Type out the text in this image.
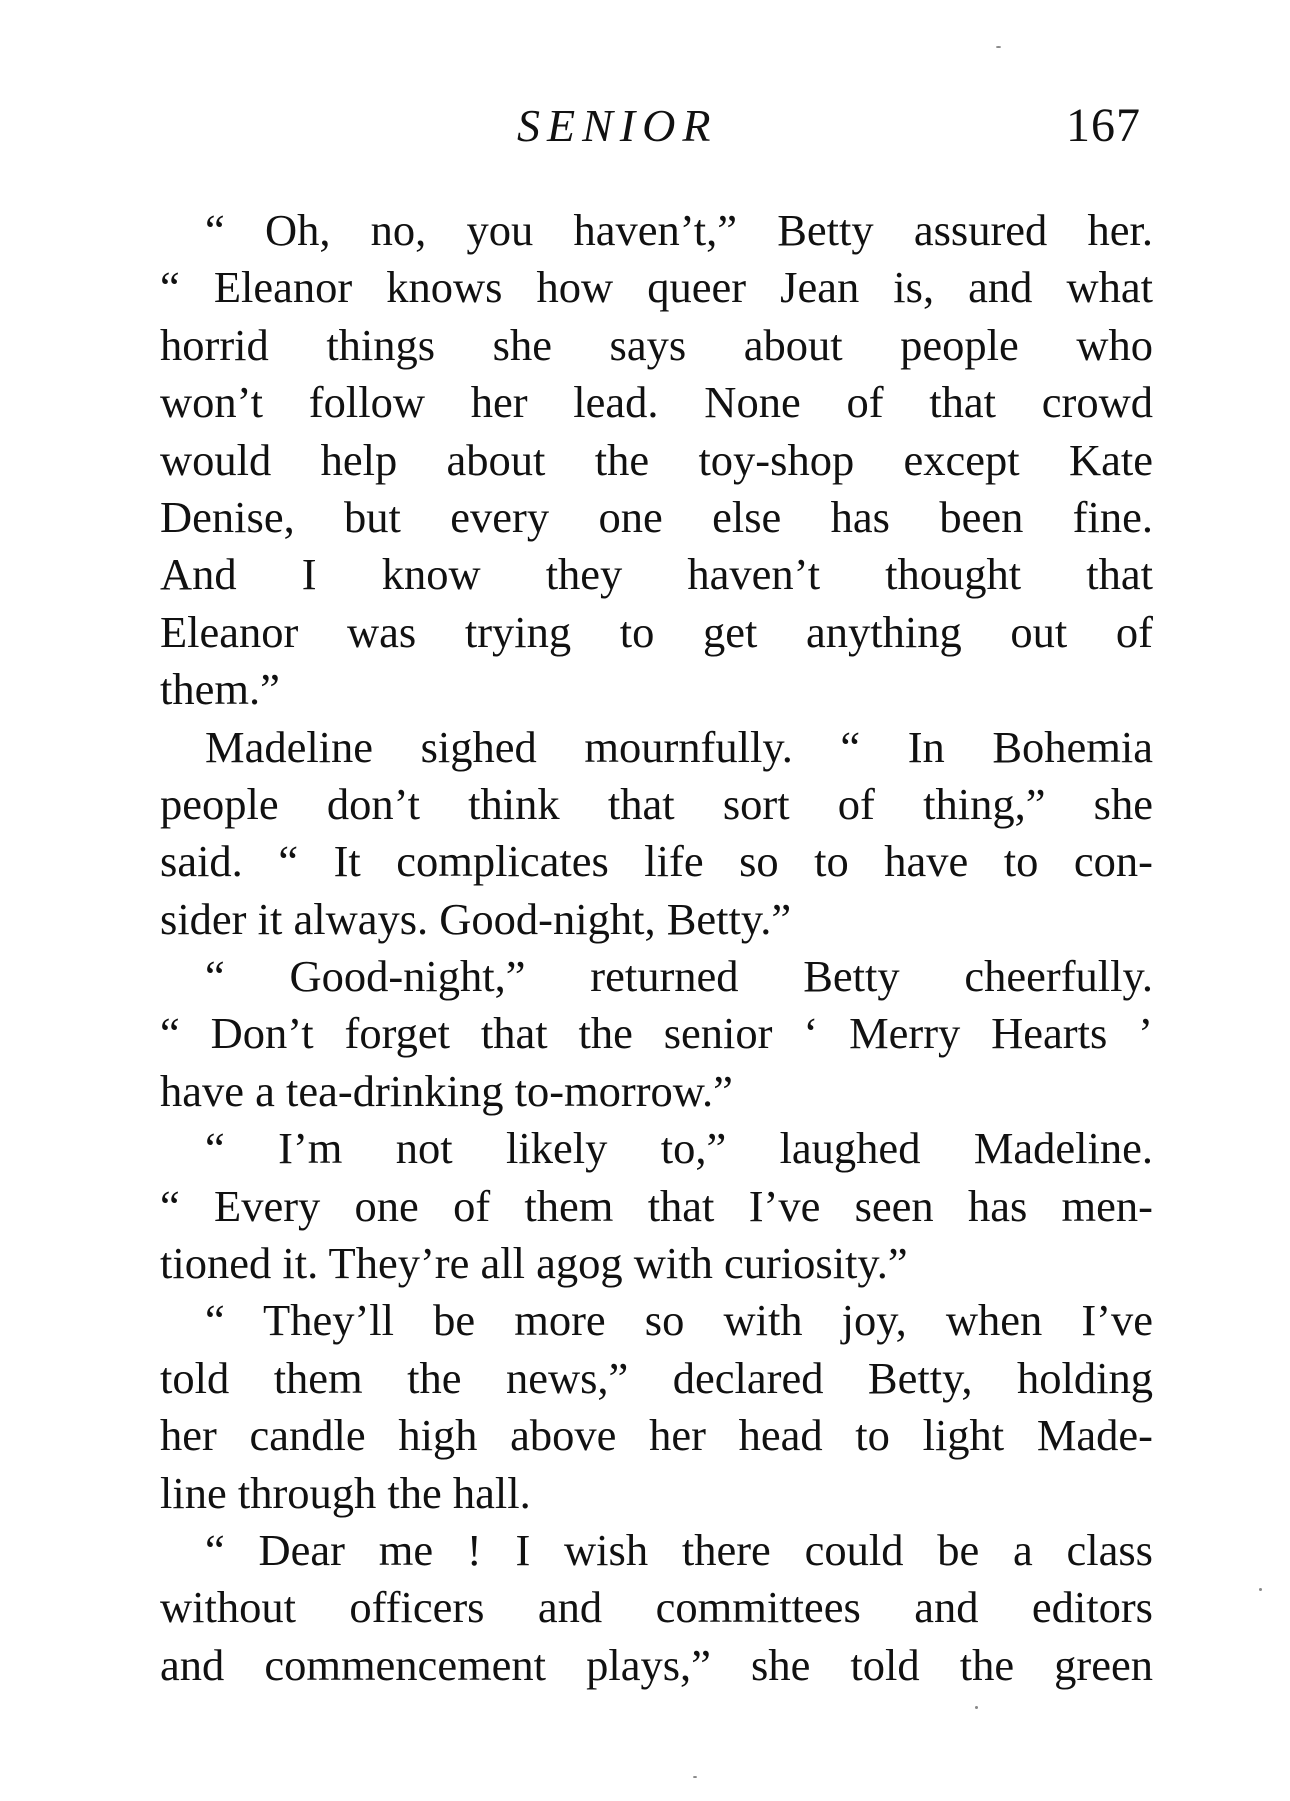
SENIOR	167
“ Oh, no, you haven’t,” Betty assured her.
“ Eleanor knows how queer Jean is, and what
horrid things she says about people who
won’t follow her lead. None of that crowd
would help about the toy-shop except Kate
Denise, but every one else has been fine.
And I know they haven’t thought that
Eleanor was trying to get anything out of
them.”
Madeline sighed mournfully. “ In Bohemia
people don’t think that sort of thing,” she
said. “ It complicates life so to have to con-
sider it always. Good-night, Betty.”
“ Good-night,” returned Betty cheerfully.
“ Don’t forget that the senior ‘ Merry Hearts ’
have a tea-drinking to-morrow.”
“ I’m not likely to,” laughed Madeline.
“ Every one of them that I’ve seen has men-
tioned it. They’re all agog with curiosity.”
“ They’ll be more so with joy, when I’ve
told them the news,” declared Betty, holding
her candle high above her head to light Made-
line through the hall.
“ Dear me ! I wish there could be a class
without officers and committees and editors
and commencement plays,” she told the green
